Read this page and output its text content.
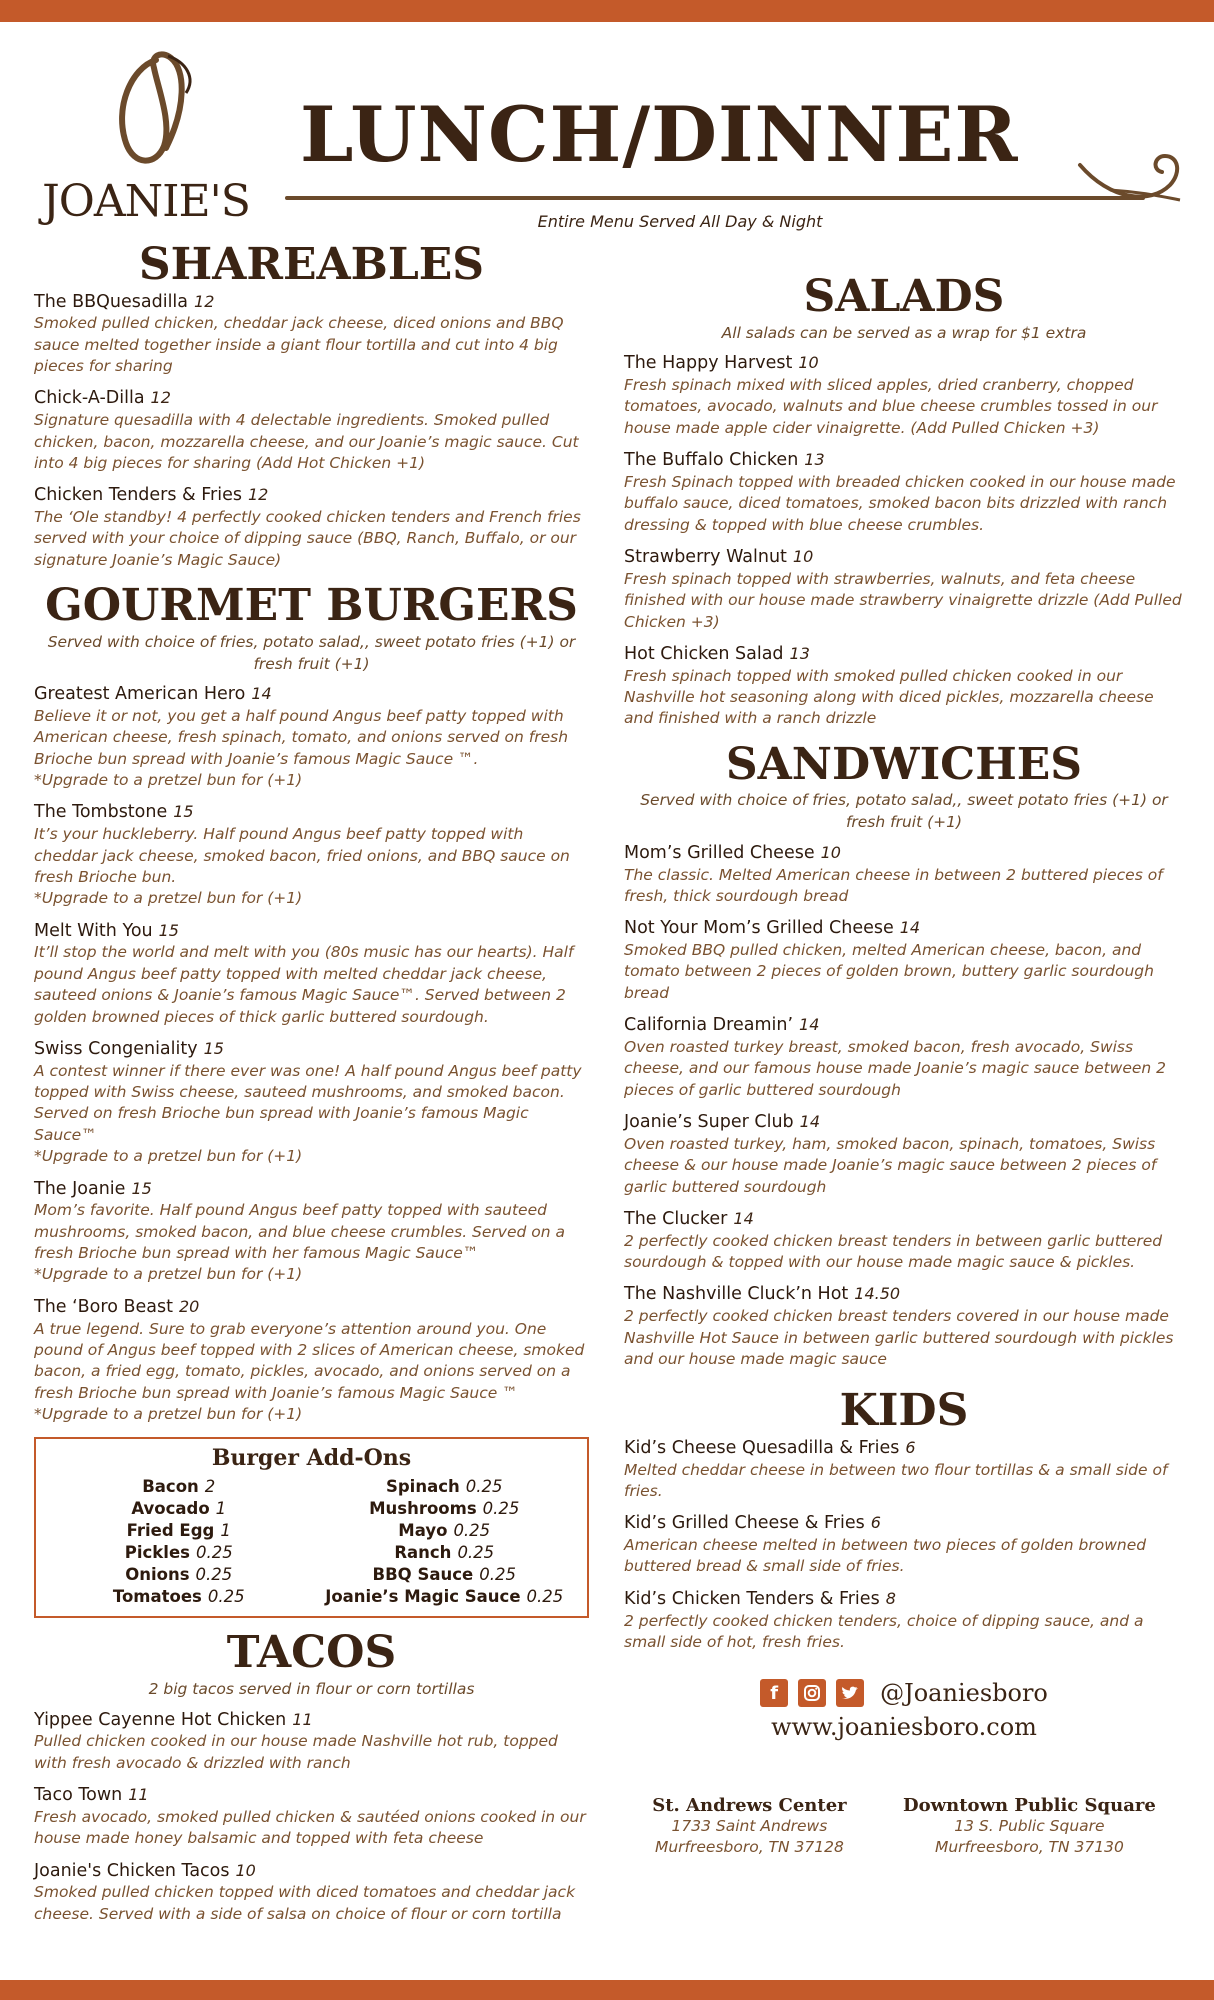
JOANIE'S
LUNCH/DINNER
Entire Menu Served All Day & Night
SHAREABLES
The BBQuesadilla 12
Smoked pulled chicken, cheddar jack cheese, diced onions and BBQ sauce melted together inside a giant flour tortilla and cut into 4 big pieces for sharing
Chick-A-Dilla 12
Signature quesadilla with 4 delectable ingredients. Smoked pulled chicken, bacon, mozzarella cheese, and our Joanie’s magic sauce. Cut into 4 big pieces for sharing (Add Hot Chicken +1)
Chicken Tenders & Fries 12
The ‘Ole standby! 4 perfectly cooked chicken tenders and French fries served with your choice of dipping sauce (BBQ, Ranch, Buffalo, or our signature Joanie’s Magic Sauce)
GOURMET BURGERS
Served with choice of fries, potato salad,, sweet potato fries (+1) or fresh fruit (+1)
Greatest American Hero 14
Believe it or not, you get a half pound Angus beef patty topped with American cheese, fresh spinach, tomato, and onions served on fresh Brioche bun spread with Joanie’s famous Magic Sauce ™.
*Upgrade to a pretzel bun for (+1)
The Tombstone 15
It’s your huckleberry. Half pound Angus beef patty topped with cheddar jack cheese, smoked bacon, fried onions, and BBQ sauce on fresh Brioche bun.
*Upgrade to a pretzel bun for (+1)
Melt With You 15
It’ll stop the world and melt with you (80s music has our hearts). Half pound Angus beef patty topped with melted cheddar jack cheese, sauteed onions & Joanie’s famous Magic Sauce™. Served between 2 golden browned pieces of thick garlic buttered sourdough.
Swiss Congeniality 15
A contest winner if there ever was one! A half pound Angus beef patty topped with Swiss cheese, sauteed mushrooms, and smoked bacon. Served on fresh Brioche bun spread with Joanie’s famous Magic Sauce™
*Upgrade to a pretzel bun for (+1)
The Joanie 15
Mom’s favorite. Half pound Angus beef patty topped with sauteed mushrooms, smoked bacon, and blue cheese crumbles. Served on a fresh Brioche bun spread with her famous Magic Sauce™
*Upgrade to a pretzel bun for (+1)
The ‘Boro Beast 20
A true legend. Sure to grab everyone’s attention around you. One pound of Angus beef topped with 2 slices of American cheese, smoked bacon, a fried egg, tomato, pickles, avocado, and onions served on a fresh Brioche bun spread with Joanie’s famous Magic Sauce ™
*Upgrade to a pretzel bun for (+1)
Burger Add-Ons
Bacon 2	Spinach 0.25
Avocado 1	Mushrooms 0.25
Fried Egg 1	Mayo 0.25
Pickles 0.25	Ranch 0.25
Onions 0.25	BBQ Sauce 0.25
Tomatoes 0.25	Joanie’s Magic Sauce 0.25
TACOS
2 big tacos served in flour or corn tortillas
Yippee Cayenne Hot Chicken 11
Pulled chicken cooked in our house made Nashville hot rub, topped with fresh avocado & drizzled with ranch
Taco Town 11
Fresh avocado, smoked pulled chicken & sautéed onions cooked in our house made honey balsamic and topped with feta cheese
Joanie's Chicken Tacos 10
Smoked pulled chicken topped with diced tomatoes and cheddar jack cheese. Served with a side of salsa on choice of flour or corn tortilla
SALADS
All salads can be served as a wrap for $1 extra
The Happy Harvest 10
Fresh spinach mixed with sliced apples, dried cranberry, chopped tomatoes, avocado, walnuts and blue cheese crumbles tossed in our house made apple cider vinaigrette. (Add Pulled Chicken +3)
The Buffalo Chicken 13
Fresh Spinach topped with breaded chicken cooked in our house made buffalo sauce, diced tomatoes, smoked bacon bits drizzled with ranch dressing & topped with blue cheese crumbles.
Strawberry Walnut 10
Fresh spinach topped with strawberries, walnuts, and feta cheese finished with our house made strawberry vinaigrette drizzle (Add Pulled Chicken +3)
Hot Chicken Salad 13
Fresh spinach topped with smoked pulled chicken cooked in our Nashville hot seasoning along with diced pickles, mozzarella cheese and finished with a ranch drizzle
SANDWICHES
Served with choice of fries, potato salad,, sweet potato fries (+1) or fresh fruit (+1)
Mom’s Grilled Cheese 10
The classic. Melted American cheese in between 2 buttered pieces of fresh, thick sourdough bread
Not Your Mom’s Grilled Cheese 14
Smoked BBQ pulled chicken, melted American cheese, bacon, and tomato between 2 pieces of golden brown, buttery garlic sourdough bread
California Dreamin’ 14
Oven roasted turkey breast, smoked bacon, fresh avocado, Swiss cheese, and our famous house made Joanie’s magic sauce between 2 pieces of garlic buttered sourdough
Joanie’s Super Club 14
Oven roasted turkey, ham, smoked bacon, spinach, tomatoes, Swiss cheese & our house made Joanie’s magic sauce between 2 pieces of garlic buttered sourdough
The Clucker 14
2 perfectly cooked chicken breast tenders in between garlic buttered sourdough & topped with our house made magic sauce & pickles.
The Nashville Cluck’n Hot 14.50
2 perfectly cooked chicken breast tenders covered in our house made Nashville Hot Sauce in between garlic buttered sourdough with pickles and our house made magic sauce
KIDS
Kid’s Cheese Quesadilla & Fries 6
Melted cheddar cheese in between two flour tortillas & a small side of fries.
Kid’s Grilled Cheese & Fries 6
American cheese melted in between two pieces of golden browned buttered bread & small side of fries.
Kid’s Chicken Tenders & Fries 8
2 perfectly cooked chicken tenders, choice of dipping sauce, and a small side of hot, fresh fries.
f	@Joaniesboro
www.joaniesboro.com
St. Andrews Center
1733 Saint Andrews
Murfreesboro, TN 37128
Downtown Public Square
13 S. Public Square
Murfreesboro, TN 37130
